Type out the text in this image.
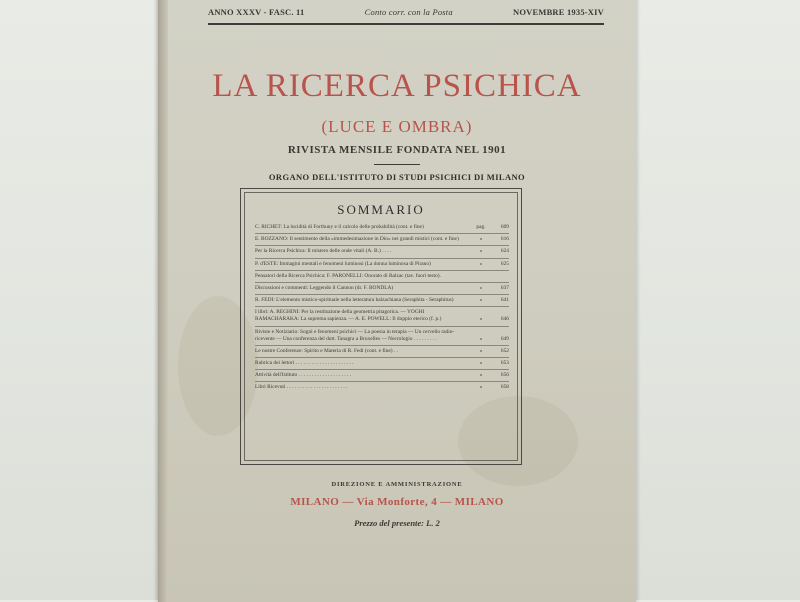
ANNO XXXV - FASC. 11	Conto corr. con la Posta	NOVEMBRE 1935-XIV
LA RICERCA PSICHICA
(LUCE E OMBRA)
RIVISTA MENSILE FONDATA NEL 1901
ORGANO DELL'ISTITUTO DI STUDI PSICHICI DI MILANO
SOMMARIO
C. RICHET: La lucidità di Forthuny e il calcolo delle probabilità (cont. e fine)	pag.	609
E. BOZZANO: Il sentimento della «immedesimazione in Dio» nei grandi mistici (cont. e fine)	»	616
Per la Ricerca Psichica: Il mistero delle onde vitali (A. B.) . . . .	»	624
P. d'ESTE: Immagini mentali e fenomeni luminosi (La donna luminosa di Pirano)	»	625
Pensatori della Ricerca Psichica: F. PARONELLI: Onorato di Balzac (tav. fuori testo).
Discussioni e commenti: Leggendo il Cannon (dr. F. BONDLA)	»	637
R. FEDI: L'elemento mistico-spirituale nella letteratura balzachiana (Seraphita - Seraphitus)	»	641
I libri: A. REGHINI: Per la restituzione della geometria pitagorica. — YOGHI RAMACHARAKA: La suprema sapienza. — A. E. POWELL: Il doppio eterico (f. p.)	»	646
Riviste e Notiziario: Sogni e fenomeni psichici — La poesia in terapia — Un cervello radio-ricevente — Una conferenza del dott. Tanagra a Bruxelles — Necrologio . . . . . . . . .	»	649
Le nostre Conferenze: Spirito e Materia di R. Fedi (cont. e fine) . .	»	652
Rubrica dei lettori . . . . . . . . . . . . . . . . . . . . . .	»	653
Attività dell'Istituto . . . . . . . . . . . . . . . . . . . .	»	656
Libri Ricevuti . . . . . . . . . . . . . . . . . . . . . . .	»	658
DIREZIONE E AMMINISTRAZIONE
MILANO — Via Monforte, 4 — MILANO
Prezzo del presente: L. 2
